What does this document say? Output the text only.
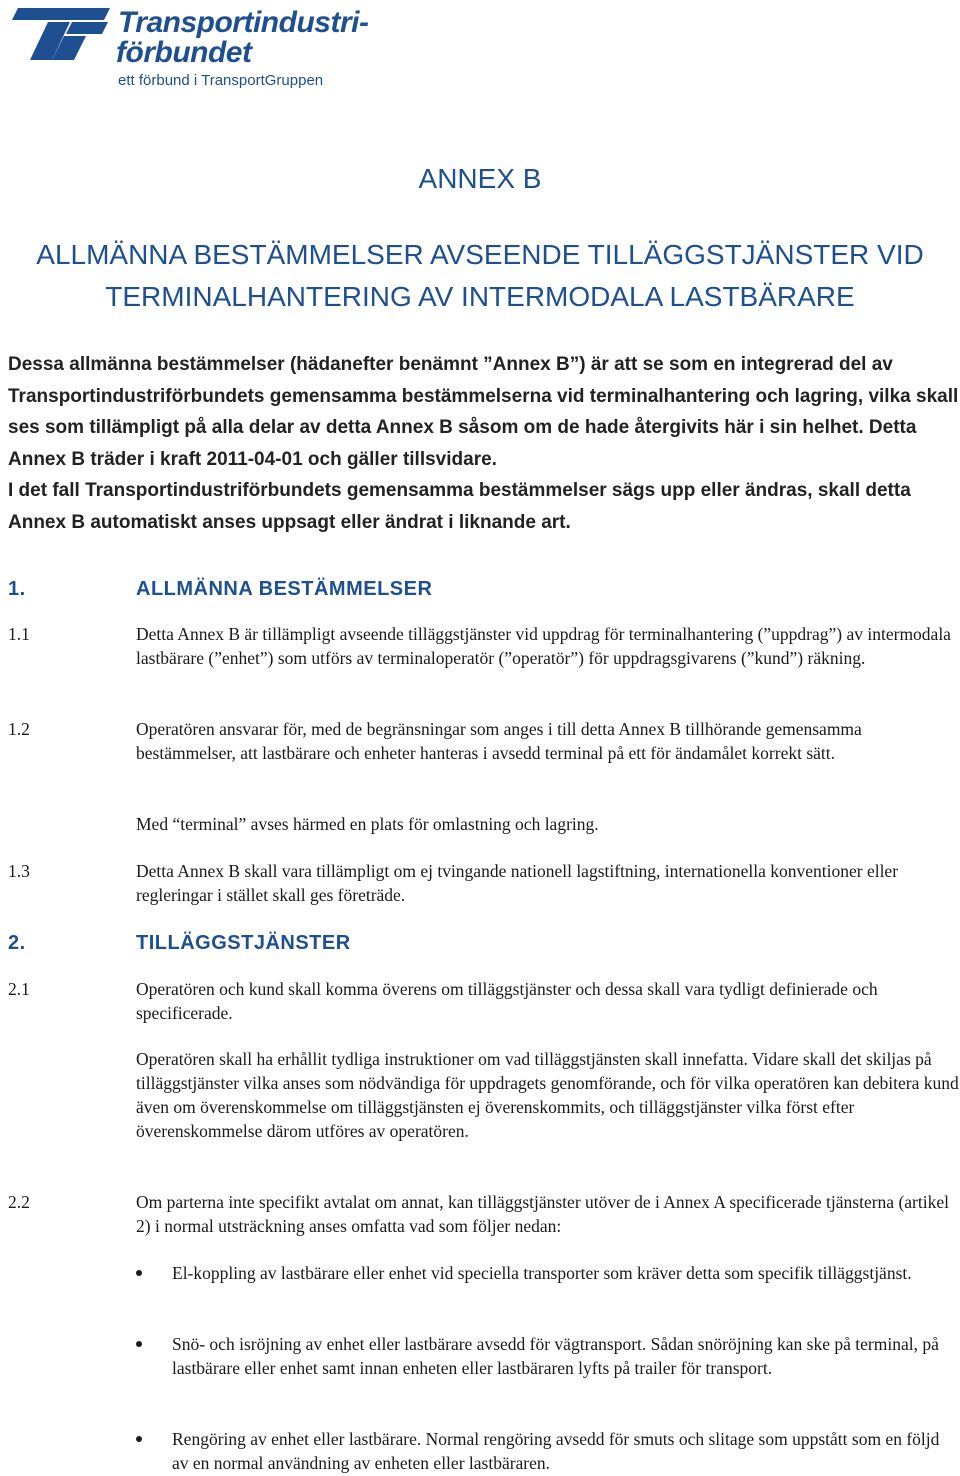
Transportindustri-
förbundet
ett förbund i TransportGruppen
ANNEX B
ALLMÄNNA BESTÄMMELSER AVSEENDE TILLÄGGSTJÄNSTER VID
TERMINALHANTERING AV INTERMODALA LASTBÄRARE

Dessa allmänna bestämmelser (hädanefter benämnt ”Annex B”) är att se som en integrerad del av Transportindustriförbundets gemensamma bestämmelserna vid terminalhantering och lagring, vilka skall ses som tillämpligt på alla delar av detta Annex B såsom om de hade återgivits här i sin helhet. Detta Annex B träder i kraft 2011-04-01 och gäller tillsvidare.

I det fall Transportindustriförbundets gemensamma bestämmelser sägs upp eller ändras, skall detta Annex B automatiskt anses uppsagt eller ändrat i liknande art.

1.	ALLMÄNNA BESTÄMMELSER
1.1	Detta Annex B är tillämpligt avseende tilläggstjänster vid uppdrag för terminalhantering (”uppdrag”) av intermodala lastbärare (”enhet”) som utförs av terminaloperatör (”operatör”) för uppdragsgivarens (”kund”) räkning.
1.2	Operatören ansvarar för, med de begränsningar som anges i till detta Annex B tillhörande gemensamma bestämmelser, att lastbärare och enheter hanteras i avsedd terminal på ett för ändamålet korrekt sätt.
Med “terminal” avses härmed en plats för omlastning och lagring.
1.3	Detta Annex B skall vara tillämpligt om ej tvingande nationell lagstiftning, internationella konventioner eller regleringar i stället skall ges företräde.
2.	TILLÄGGSTJÄNSTER
2.1	Operatören och kund skall komma överens om tilläggstjänster och dessa skall vara tydligt definierade och specificerade.
Operatören skall ha erhållit tydliga instruktioner om vad tilläggstjänsten skall innefatta. Vidare skall det skiljas på tilläggstjänster vilka anses som nödvändiga för uppdragets genomförande, och för vilka operatören kan debitera kund även om överenskommelse om tilläggstjänsten ej överenskommits, och tilläggstjänster vilka först efter överenskommelse därom utföres av operatören.
2.2	Om parterna inte specifikt avtalat om annat, kan tilläggstjänster utöver de i Annex A specificerade tjänsterna (artikel 2) i normal utsträckning anses omfatta vad som följer nedan:
El-koppling av lastbärare eller enhet vid speciella transporter som kräver detta som specifik tilläggstjänst.
Snö- och isröjning av enhet eller lastbärare avsedd för vägtransport. Sådan snöröjning kan ske på terminal, på lastbärare eller enhet samt innan enheten eller lastbäraren lyfts på trailer för transport.
Rengöring av enhet eller lastbärare. Normal rengöring avsedd för smuts och slitage som uppstått som en följd av en normal användning av enheten eller lastbäraren.
